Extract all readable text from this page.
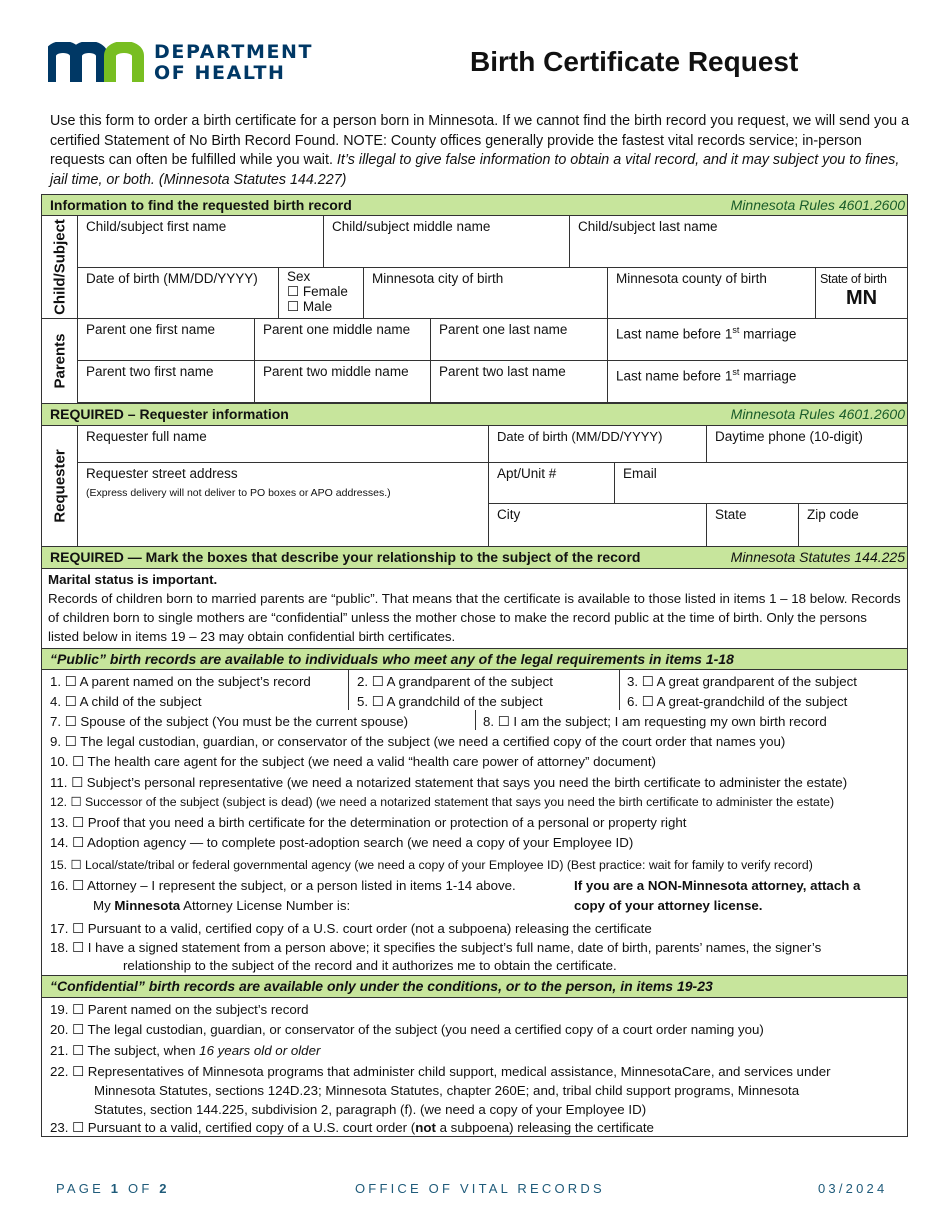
DEPARTMENT
OF HEALTH	Birth Certificate Request
Use this form to order a birth certificate for a person born in Minnesota. If we cannot find the birth record you request, we will send you a certified Statement of No Birth Record Found. NOTE: County offices generally provide the fastest vital records service; in-person requests can often be fulfilled while you wait. It’s illegal to give false information to obtain a vital record, and it may subject you to fines, jail time, or both. (Minnesota Statutes 144.227)
Information to find the requested birth record	Minnesota Rules 4601.2600
Child/Subject	Child/subject first name	Child/subject middle name	Child/subject last name
Date of birth (MM/DD/YYYY)	Sex
☐ Female
☐ Male
Minnesota city of birth	Minnesota county of birth	State of birth
MN
Parents
Parent one first name	Parent one middle name	Parent one last name	Last name before 1st marriage
Parent two first name	Parent two middle name	Parent two last name	Last name before 1st marriage
REQUIRED – Requester information	Minnesota Rules 4601.2600
Requester
Requester full name	Date of birth (MM/DD/YYYY)	Daytime phone (10-digit)
Requester street address
(Express delivery will not deliver to PO boxes or APO addresses.)
Apt/Unit #	Email
City	State	Zip code
REQUIRED — Mark the boxes that describe your relationship to the subject of the record	Minnesota Statutes 144.225
Marital status is important.
Records of children born to married parents are “public”. That means that the certificate is available to those listed in items 1 – 18 below. Records of children born to single mothers are “confidential” unless the mother chose to make the record public at the time of birth. Only the persons listed below in items 19 – 23 may obtain confidential birth certificates.
“Public” birth records are available to individuals who meet any of the legal requirements in items 1-18
1. ☐ A parent named on the subject’s record	2. ☐ A grandparent of the subject	3. ☐ A great grandparent of the subject
4. ☐ A child of the subject	5. ☐ A grandchild of the subject	6. ☐ A great-grandchild of the subject
7. ☐ Spouse of the subject (You must be the current spouse)	8. ☐ I am the subject; I am requesting my own birth record
9. ☐ The legal custodian, guardian, or conservator of the subject (we need a certified copy of the court order that names you)
10. ☐ The health care agent for the subject (we need a valid “health care power of attorney” document)
11. ☐ Subject’s personal representative (we need a notarized statement that says you need the birth certificate to administer the estate)
12. ☐ Successor of the subject (subject is dead) (we need a notarized statement that says you need the birth certificate to administer the estate)
13. ☐ Proof that you need a birth certificate for the determination or protection of a personal or property right
14. ☐ Adoption agency — to complete post-adoption search (we need a copy of your Employee ID)
15. ☐ Local/state/tribal or federal governmental agency (we need a copy of your Employee ID) (Best practice: wait for family to verify record)
16. ☐ Attorney – I represent the subject, or a person listed in items 1-14 above.
My Minnesota Attorney License Number is:
If you are a NON-Minnesota attorney, attach a copy of your attorney license.
17. ☐ Pursuant to a valid, certified copy of a U.S. court order (not a subpoena) releasing the certificate
18. ☐ I have a signed statement from a person above; it specifies the subject’s full name, date of birth, parents’ names, the signer’s
relationship to the subject of the record and it authorizes me to obtain the certificate.
“Confidential” birth records are available only under the conditions, or to the person, in items 19-23
19. ☐ Parent named on the subject’s record
20. ☐ The legal custodian, guardian, or conservator of the subject (you need a certified copy of a court order naming you)
21. ☐ The subject, when 16 years old or older
22. ☐ Representatives of Minnesota programs that administer child support, medical assistance, MinnesotaCare, and services under
Minnesota Statutes, sections 124D.23; Minnesota Statutes, chapter 260E; and, tribal child support programs, Minnesota
Statutes, section 144.225, subdivision 2, paragraph (f). (we need a copy of your Employee ID)
23. ☐ Pursuant to a valid, certified copy of a U.S. court order (not a subpoena) releasing the certificate
PAGE 1 OF 2	OFFICE OF VITAL RECORDS	03/2024
